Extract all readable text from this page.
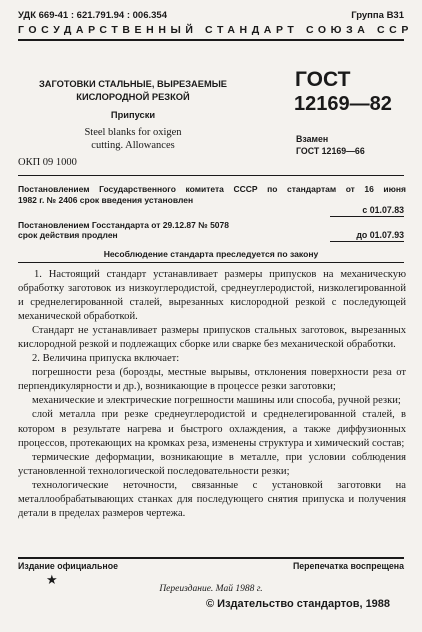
УДК 669-41 : 621.791.94 : 006.354	Группа В31
ГОСУДАРСТВЕННЫЙ СТАНДАРТ СОЮЗА ССР
ЗАГОТОВКИ СТАЛЬНЫЕ, ВЫРЕЗАЕМЫЕ
КИСЛОРОДНОЙ РЕЗКОЙ
Припуски
Steel blanks for oxigen
cutting. Allowances
ОКП 09 1000
ГОСТ
12169—82
Взамен
ГОСТ 12169—66
Постановлением Государственного комитета СССР по стандартам от 16 июня
1982 г. № 2406 срок введения установлен
с 01.07.83
Постановлением Госстандарта от 29.12.87 № 5078
срок действия продлен	до 01.07.93
Несоблюдение стандарта преследуется по закону

1. Настоящий стандарт устанавливает размеры припусков на механическую обработку заготовок из низкоуглеродистой, среднеуглеродистой, низколегированной и среднелегированной сталей, вырезанных кислородной резкой с последующей механической обработкой.

Стандарт не устанавливает размеры припусков стальных заготовок, вырезанных кислородной резкой и подлежащих сборке или сварке без механической обработки.

2. Величина припуска включает:

погрешности реза (борозды, местные вырывы, отклонения поверхности реза от перпендикулярности и др.), возникающие в процессе резки заготовки;

механические и электрические погрешности машины или способа, ручной резки;

слой металла при резке среднеуглеродистой и среднелегированной сталей, в котором в результате нагрева и быстрого охлаждения, а также диффузионных процессов, протекающих на кромках реза, изменены структура и химический состав;

термические деформации, возникающие в металле, при условии соблюдения установленной технологической последовательности резки;

технологические неточности, связанные с установкой заготовки на металлообрабатывающих станках для последующего снятия припуска и получения детали в пределах размеров чертежа.

Издание официальное	Перепечатка воспрещена
★
Переиздание. Май 1988 г.
© Издательство стандартов, 1988
